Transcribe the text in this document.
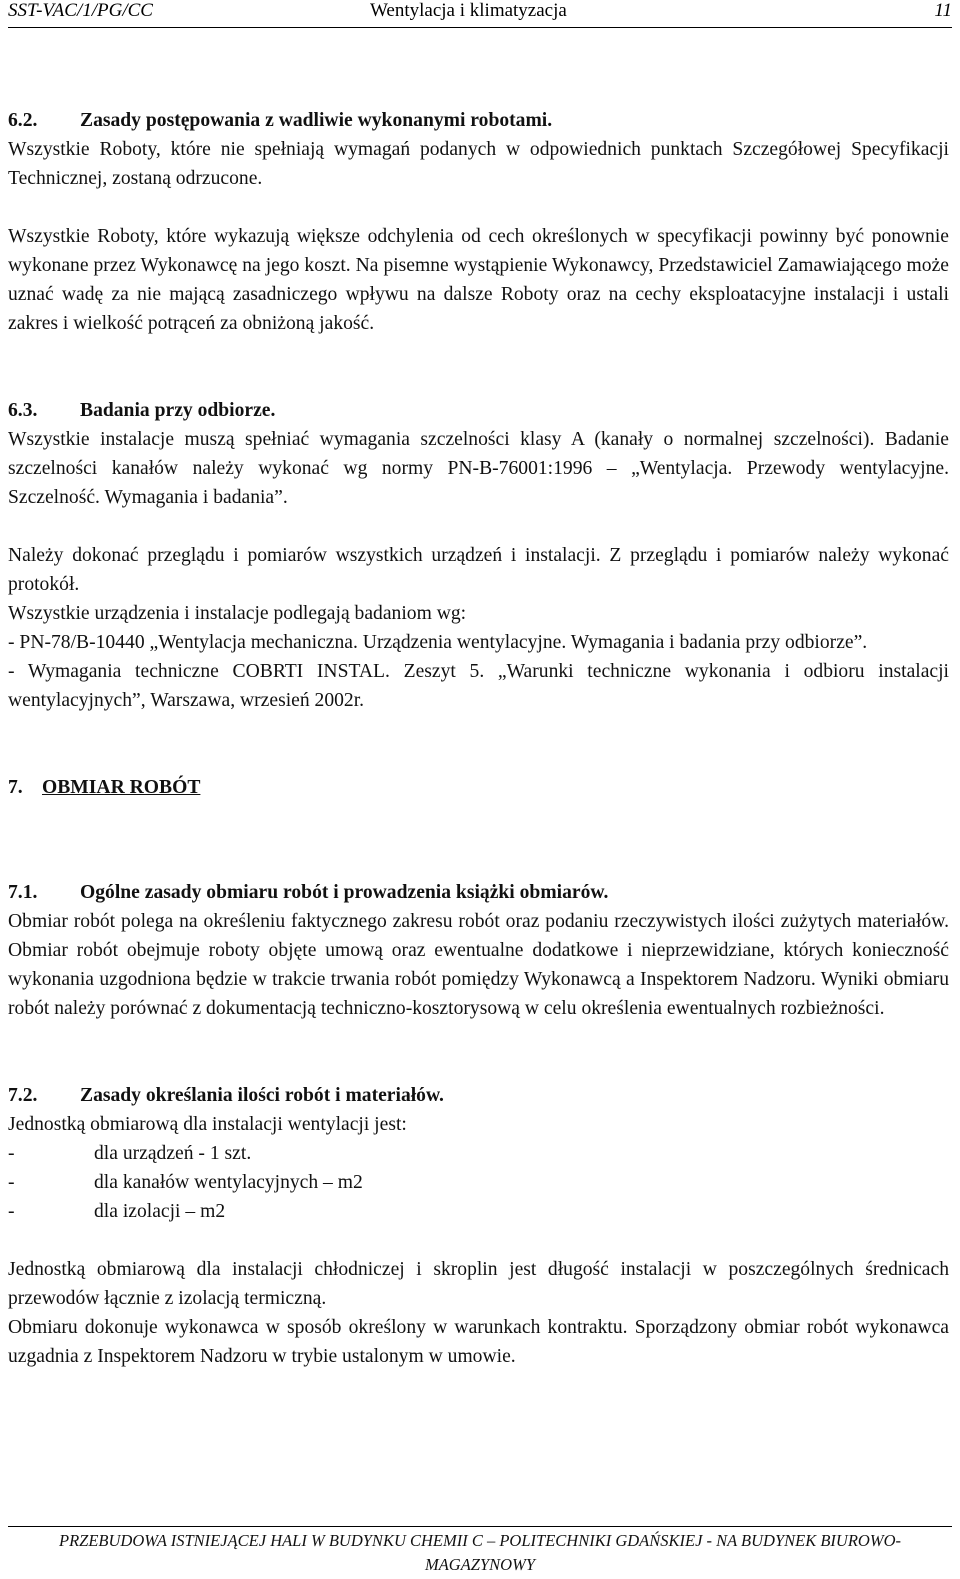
SST-VAC/1/PG/CC	Wentylacja i klimatyzacja	11

6.2. Zasady postępowania z wadliwie wykonanymi robotami.

Wszystkie Roboty, które nie spełniają wymagań podanych w odpowiednich punktach Szczegółowej Specyfikacji Technicznej, zostaną odrzucone.

Wszystkie Roboty, które wykazują większe odchylenia od cech określonych w specyfikacji powinny być ponownie wykonane przez Wykonawcę na jego koszt. Na pisemne wystąpienie Wykonawcy, Przedstawiciel Zamawiającego może uznać wadę za nie mającą zasadniczego wpływu na dalsze Roboty oraz na cechy eksploatacyjne instalacji i ustali zakres i wielkość potrąceń za obniżoną jakość.

6.3. Badania przy odbiorze.

Wszystkie instalacje muszą spełniać wymagania szczelności klasy A (kanały o normalnej szczelności). Badanie szczelności kanałów należy wykonać wg normy PN-B-76001:1996 – „Wentylacja. Przewody wentylacyjne. Szczelność. Wymagania i badania”.

Należy dokonać przeglądu i pomiarów wszystkich urządzeń i instalacji. Z przeglądu i pomiarów należy wykonać protokół.

Wszystkie urządzenia i instalacje podlegają badaniom wg:

- PN-78/B-10440 „Wentylacja mechaniczna. Urządzenia wentylacyjne. Wymagania i badania przy odbiorze”.

- Wymagania techniczne COBRTI INSTAL. Zeszyt 5. „Warunki techniczne wykonania i odbioru instalacji wentylacyjnych”, Warszawa, wrzesień 2002r.

7. OBMIAR ROBÓT

7.1. Ogólne zasady obmiaru robót i prowadzenia książki obmiarów.

Obmiar robót polega na określeniu faktycznego zakresu robót oraz podaniu rzeczywistych ilości zużytych materiałów. Obmiar robót obejmuje roboty objęte umową oraz ewentualne dodatkowe i nieprzewidziane, których konieczność wykonania uzgodniona będzie w trakcie trwania robót pomiędzy Wykonawcą a Inspektorem Nadzoru. Wyniki obmiaru robót należy porównać z dokumentacją techniczno-kosztorysową w celu określenia ewentualnych rozbieżności.

7.2. Zasady określania ilości robót i materiałów.

Jednostką obmiarową dla instalacji wentylacji jest:

-	dla urządzeń - 1 szt.

-	dla kanałów wentylacyjnych – m2

-	dla izolacji – m2

Jednostką obmiarową dla instalacji chłodniczej i skroplin jest długość instalacji w poszczególnych średnicach przewodów łącznie z izolacją termiczną.

Obmiaru dokonuje wykonawca w sposób określony w warunkach kontraktu. Sporządzony obmiar robót wykonawca uzgadnia z Inspektorem Nadzoru w trybie ustalonym w umowie.

PRZEBUDOWA ISTNIEJĄCEJ HALI W BUDYNKU CHEMII C – POLITECHNIKI GDAŃSKIEJ - NA BUDYNEK BIUROWO-MAGAZYNOWY
